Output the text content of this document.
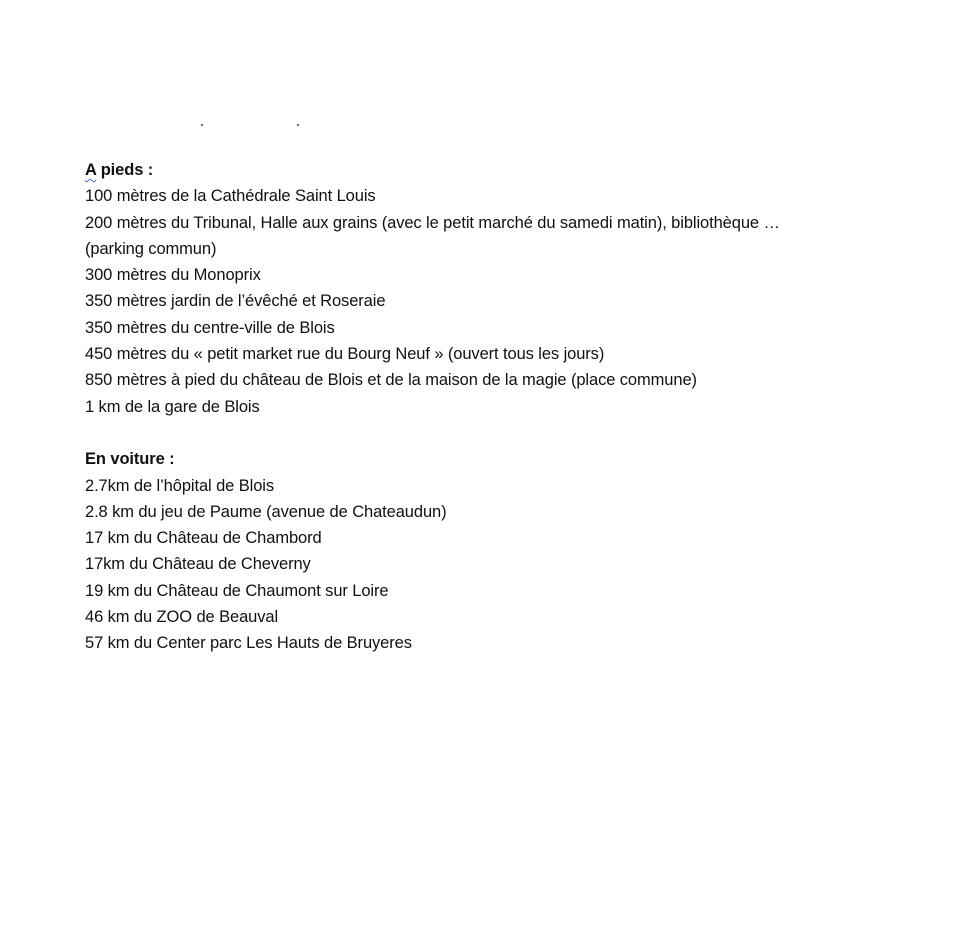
A pieds :
100 mètres de la Cathédrale Saint Louis
200 mètres du Tribunal, Halle aux grains (avec le petit marché du samedi matin), bibliothèque …
(parking commun)
300 mètres du Monoprix
350 mètres jardin de l’évêché et Roseraie
350 mètres du centre-ville de Blois
450 mètres du « petit market rue du Bourg Neuf » (ouvert tous les jours)
850 mètres à pied du château de Blois et de la maison de la magie (place commune)
1 km de la gare de Blois
En voiture :
2.7km de l’hôpital de Blois
2.8 km du jeu de Paume (avenue de Chateaudun)
17 km du Château de Chambord
17km du Château de Cheverny
19 km du Château de Chaumont sur Loire
46 km du ZOO de Beauval
57 km du Center parc Les Hauts de Bruyeres
